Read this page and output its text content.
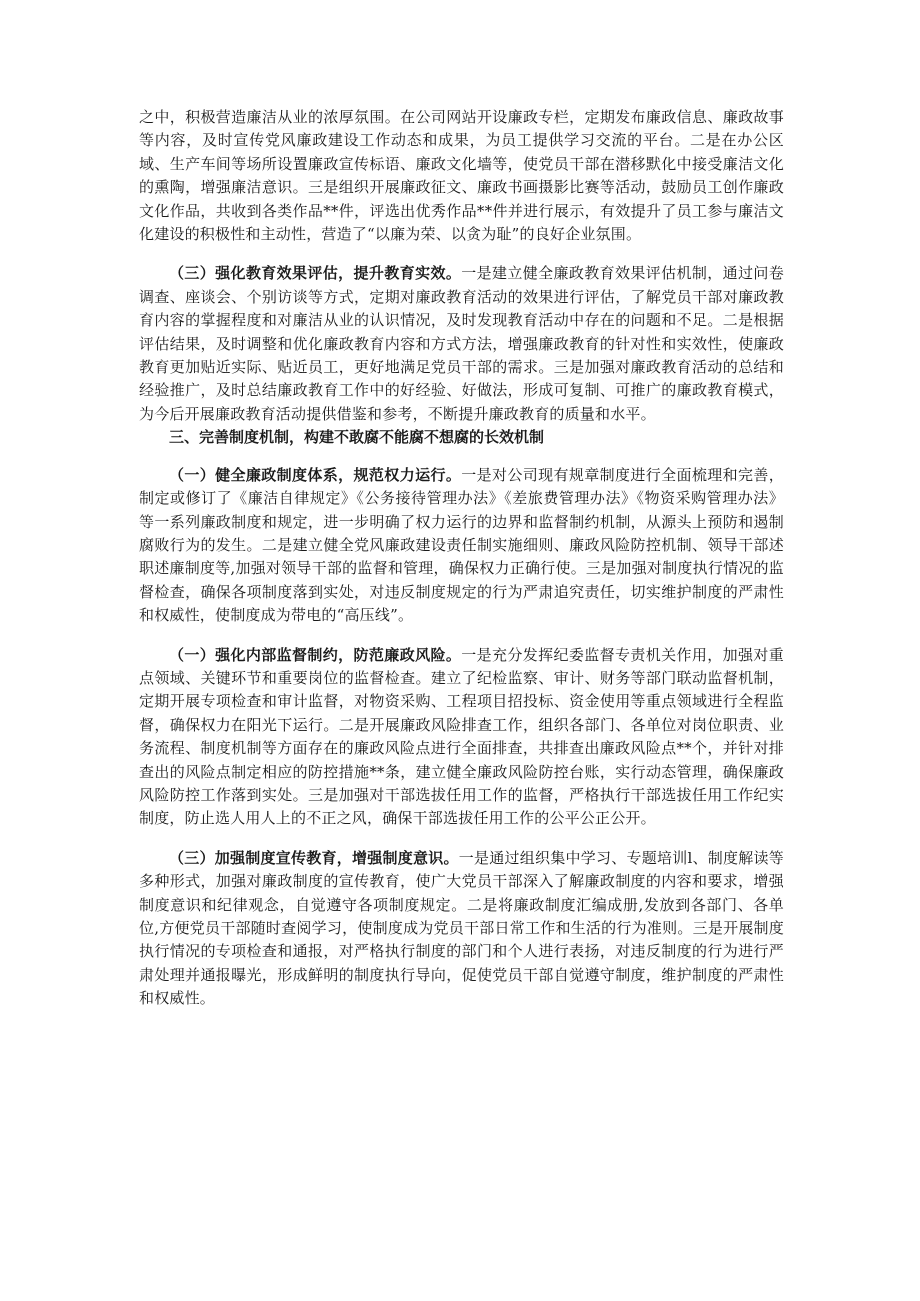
之中，积极营造廉洁从业的浓厚氛围。在公司网站开设廉政专栏，定期发布廉政信息、廉政故事等内容，及时宣传党风廉政建设工作动态和成果，为员工提供学习交流的平台。二是在办公区域、生产车间等场所设置廉政宣传标语、廉政文化墙等，使党员干部在潜移默化中接受廉洁文化的熏陶，增强廉洁意识。三是组织开展廉政征文、廉政书画摄影比赛等活动，鼓励员工创作廉政文化作品，共收到各类作品**件，评选出优秀作品**件并进行展示，有效提升了员工参与廉洁文化建设的积极性和主动性，营造了“以廉为荣、以贪为耻”的良好企业氛围。

（三）强化教育效果评估，提升教育实效。一是建立健全廉政教育效果评估机制，通过问卷调查、座谈会、个别访谈等方式，定期对廉政教育活动的效果进行评估，了解党员干部对廉政教育内容的掌握程度和对廉洁从业的认识情况，及时发现教育活动中存在的问题和不足。二是根据评估结果，及时调整和优化廉政教育内容和方式方法，增强廉政教育的针对性和实效性，使廉政教育更加贴近实际、贴近员工，更好地满足党员干部的需求。三是加强对廉政教育活动的总结和经验推广，及时总结廉政教育工作中的好经验、好做法，形成可复制、可推广的廉政教育模式，为今后开展廉政教育活动提供借鉴和参考，不断提升廉政教育的质量和水平。

三、完善制度机制，构建不敢腐不能腐不想腐的长效机制

（一）健全廉政制度体系，规范权力运行。一是对公司现有规章制度进行全面梳理和完善，制定或修订了《廉洁自律规定》《公务接待管理办法》《差旅费管理办法》《物资采购管理办法》等一系列廉政制度和规定，进一步明确了权力运行的边界和监督制约机制，从源头上预防和遏制腐败行为的发生。二是建立健全党风廉政建设责任制实施细则、廉政风险防控机制、领导干部述职述廉制度等,加强对领导干部的监督和管理，确保权力正确行使。三是加强对制度执行情况的监督检查，确保各项制度落到实处，对违反制度规定的行为严肃追究责任，切实维护制度的严肃性和权威性，使制度成为带电的“高压线”。

（一）强化内部监督制约，防范廉政风险。一是充分发挥纪委监督专责机关作用，加强对重点领域、关键环节和重要岗位的监督检查。建立了纪检监察、审计、财务等部门联动监督机制，定期开展专项检查和审计监督，对物资采购、工程项目招投标、资金使用等重点领域进行全程监督，确保权力在阳光下运行。二是开展廉政风险排查工作，组织各部门、各单位对岗位职责、业务流程、制度机制等方面存在的廉政风险点进行全面排查，共排查出廉政风险点**个，并针对排查出的风险点制定相应的防控措施**条，建立健全廉政风险防控台账，实行动态管理，确保廉政风险防控工作落到实处。三是加强对干部选拔任用工作的监督，严格执行干部选拔任用工作纪实制度，防止选人用人上的不正之风，确保干部选拔任用工作的公平公正公开。

（三）加强制度宣传教育，增强制度意识。一是通过组织集中学习、专题培训l、制度解读等多种形式，加强对廉政制度的宣传教育，使广大党员干部深入了解廉政制度的内容和要求，增强制度意识和纪律观念，自觉遵守各项制度规定。二是将廉政制度汇编成册,发放到各部门、各单位,方便党员干部随时查阅学习，使制度成为党员干部日常工作和生活的行为准则。三是开展制度执行情况的专项检查和通报，对严格执行制度的部门和个人进行表扬，对违反制度的行为进行严肃处理并通报曝光，形成鲜明的制度执行导向，促使党员干部自觉遵守制度，维护制度的严肃性和权威性。
